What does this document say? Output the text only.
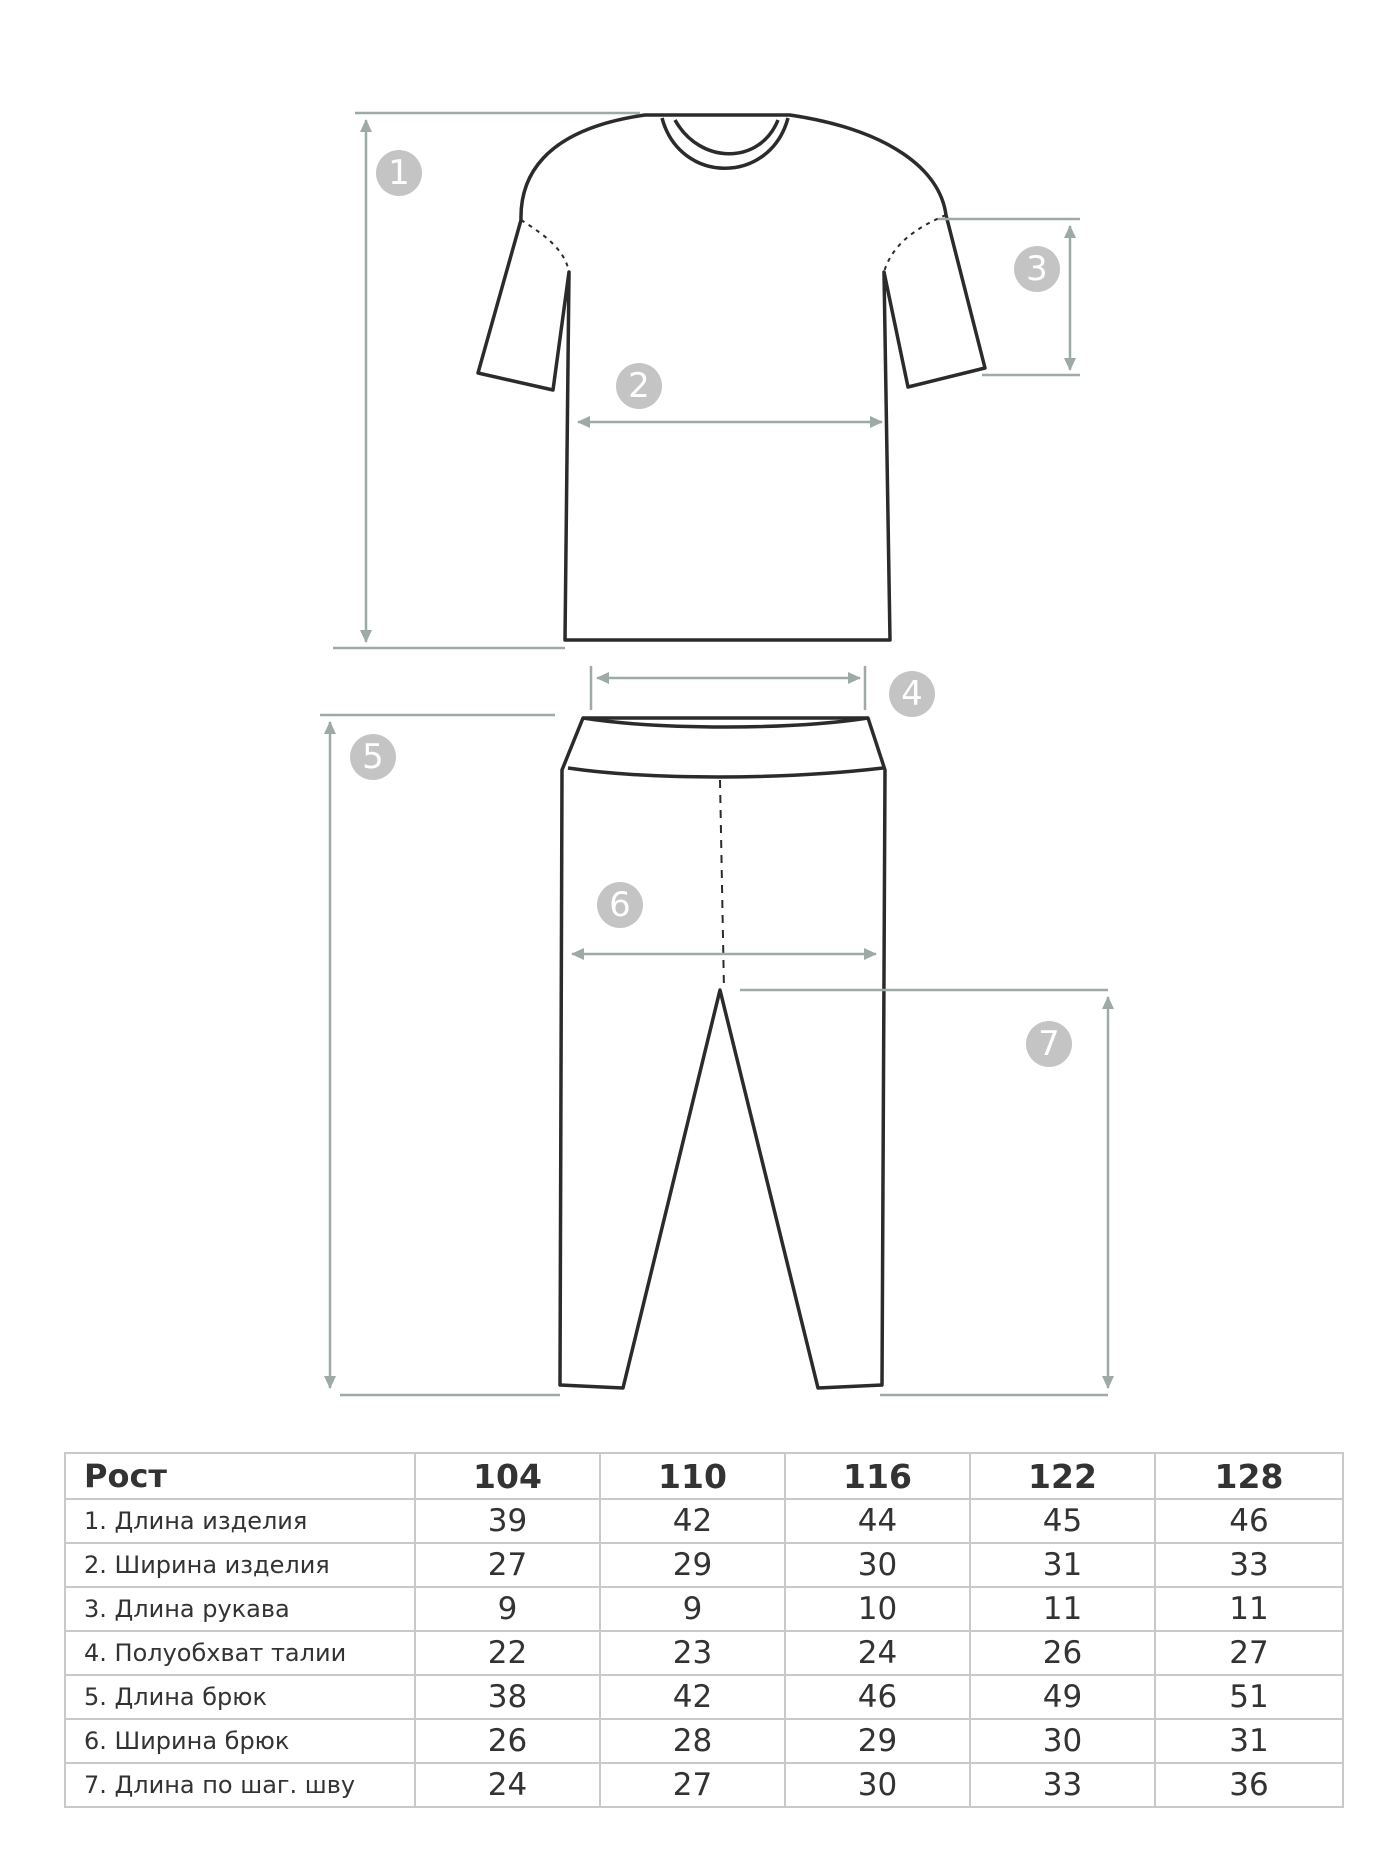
1
2
3
4
5
6
7
Рост	104	110	116	122	128
1. Длина изделия	39	42	44	45	46
2. Ширина изделия	27	29	30	31	33
3. Длина рукава	9	9	10	11	11
4. Полуобхват талии	22	23	24	26	27
5. Длина брюк	38	42	46	49	51
6. Ширина брюк	26	28	29	30	31
7. Длина по шаг. шву	24	27	30	33	36
